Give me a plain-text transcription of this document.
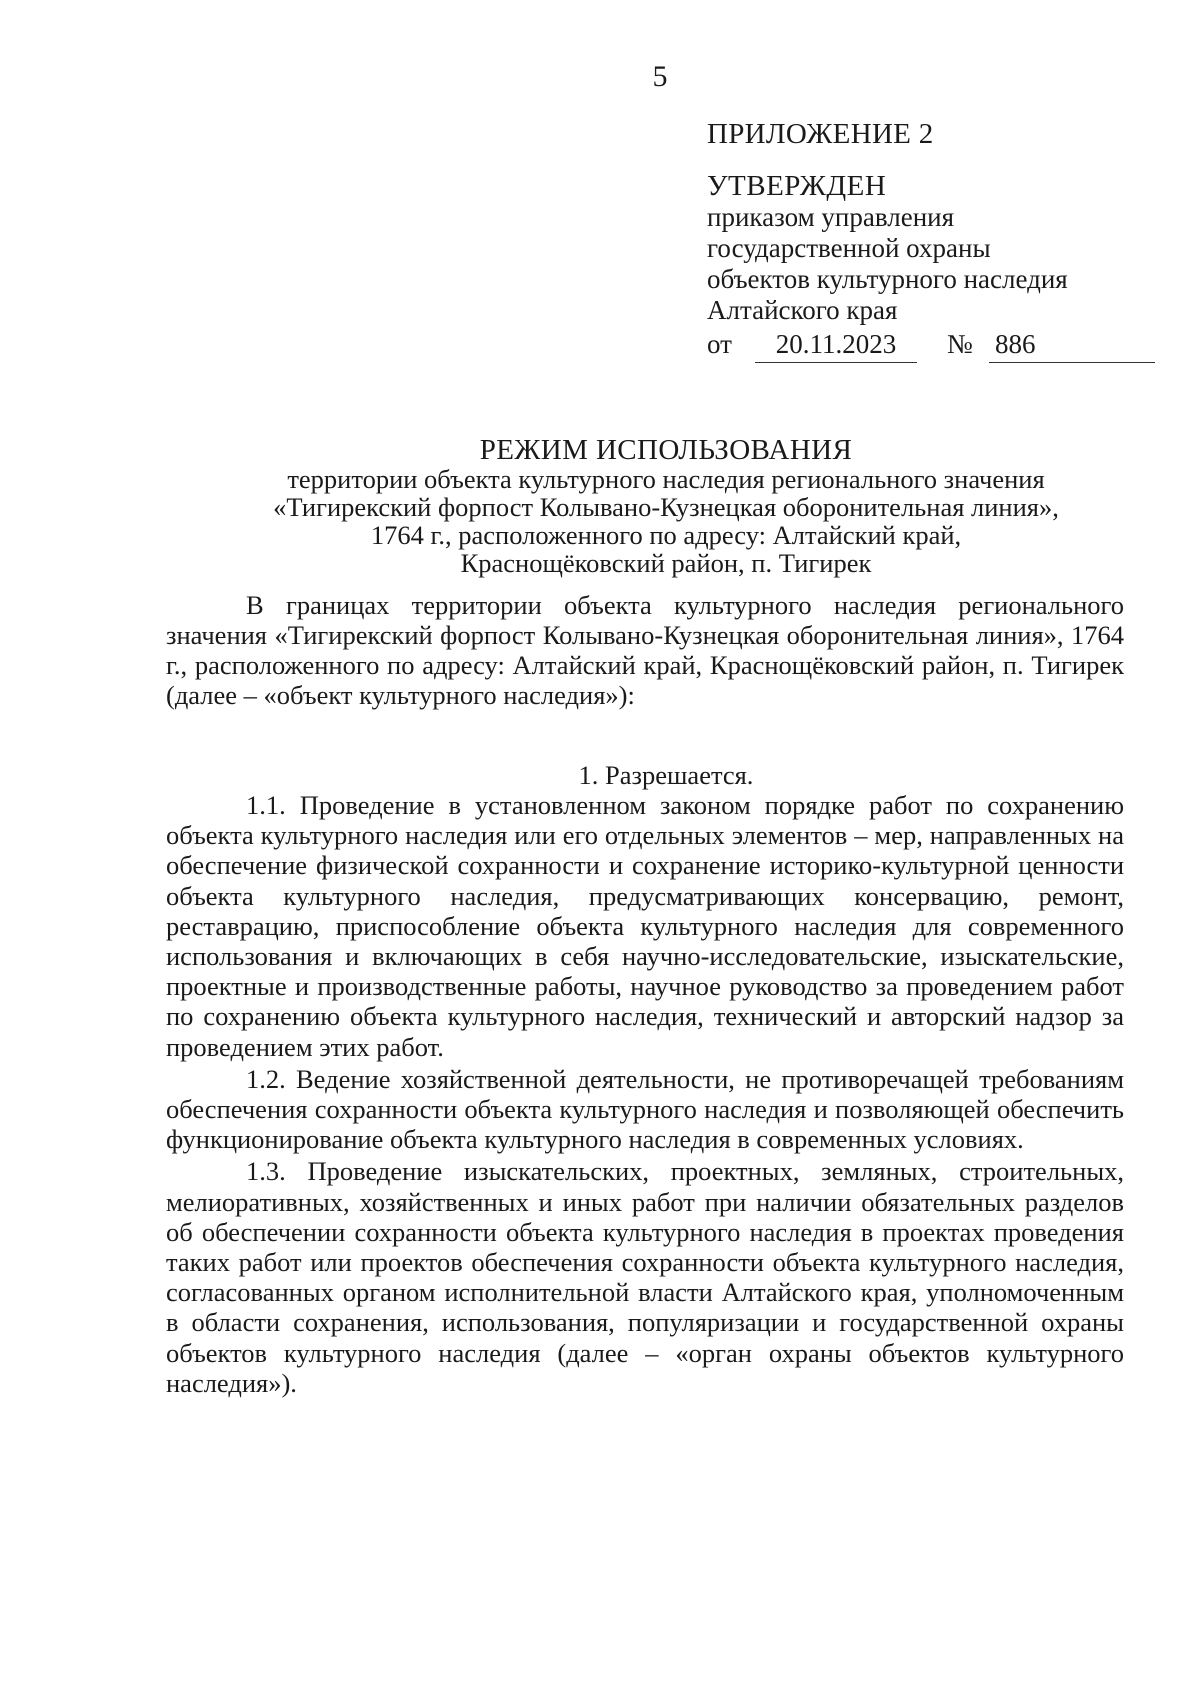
5
ПРИЛОЖЕНИЕ 2
УТВЕРЖДЕН
приказом управления
государственной охраны
объектов культурного наследия
Алтайского края
от	20.11.2023	№ 886
РЕЖИМ ИСПОЛЬЗОВАНИЯ
территории объекта культурного наследия регионального значения
«Тигирекский форпост Колывано-Кузнецкая оборонительная линия»,
1764 г., расположенного по адресу: Алтайский край,
Краснощёковский район, п. Тигирек

В границах территории объекта культурного наследия регионального значения «Тигирекский форпост Колывано-Кузнецкая оборонительная линия», 1764 г., расположенного по адресу: Алтайский край, Краснощёковский район, п. Тигирек (далее – «объект культурного наследия»):

1. Разрешается.

1.1. Проведение в установленном законом порядке работ по сохранению объекта культурного наследия или его отдельных элементов – мер, направленных на обеспечение физической сохранности и сохранение историко-культурной ценности объекта культурного наследия, предусматривающих консервацию, ремонт, реставрацию, приспособление объекта культурного наследия для современного использования и включающих в себя научно-исследовательские, изыскательские, проектные и производственные работы, научное руководство за проведением работ по сохранению объекта культурного наследия, технический и авторский надзор за проведением этих работ.

1.2. Ведение хозяйственной деятельности, не противоречащей требованиям обеспечения сохранности объекта культурного наследия и позволяющей обеспечить функционирование объекта культурного наследия в современных условиях.

1.3. Проведение изыскательских, проектных, земляных, строительных, мелиоративных, хозяйственных и иных работ при наличии обязательных разделов об обеспечении сохранности объекта культурного наследия в проектах проведения таких работ или проектов обеспечения сохранности объекта культурного наследия, согласованных органом исполнительной власти Алтайского края, уполномоченным в области сохранения, использования, популяризации и государственной охраны объектов культурного наследия (далее – «орган охраны объектов культурного наследия»).
